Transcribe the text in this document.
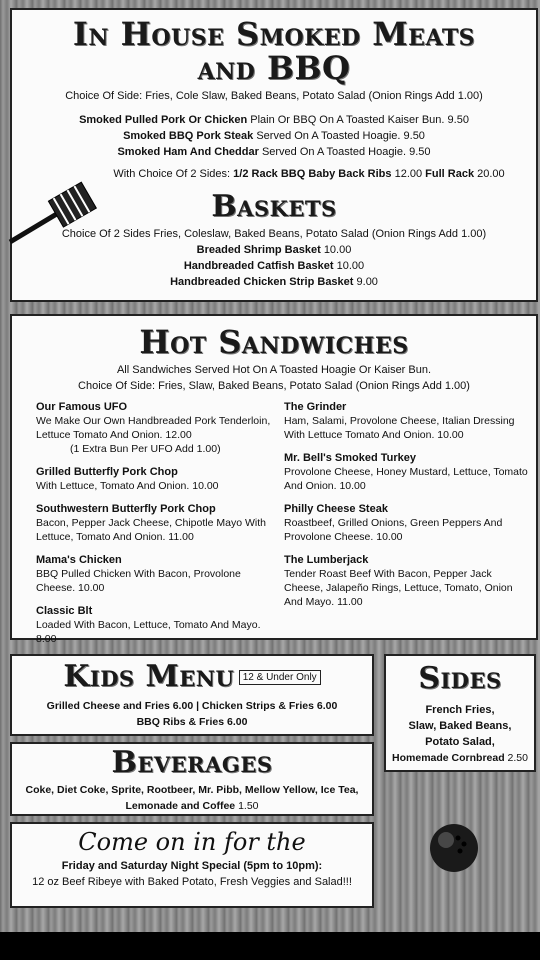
In House Smoked Meats
and BBQ
Choice Of Side: Fries, Cole Slaw, Baked Beans, Potato Salad (Onion Rings Add 1.00)
Smoked Pulled Pork Or Chicken Plain Or BBQ On A Toasted Kaiser Bun. 9.50
Smoked BBQ Pork Steak Served On A Toasted Hoagie. 9.50
Smoked Ham And Cheddar Served On A Toasted Hoagie. 9.50
With Choice Of 2 Sides: 1/2 Rack BBQ Baby Back Ribs 12.00 Full Rack 20.00
Baskets
Choice Of 2 Sides Fries, Coleslaw, Baked Beans, Potato Salad (Onion Rings Add 1.00)
Breaded Shrimp Basket 10.00
Handbreaded Catfish Basket 10.00
Handbreaded Chicken Strip Basket 9.00
Hot Sandwiches
All Sandwiches Served Hot On A Toasted Hoagie Or Kaiser Bun.
Choice Of Side: Fries, Slaw, Baked Beans, Potato Salad (Onion Rings Add 1.00)
Our Famous UFO
We Make Our Own Handbreaded Pork Tenderloin, Lettuce Tomato And Onion. 12.00
(1 Extra Bun Per UFO Add 1.00)
Grilled Butterfly Pork Chop
With Lettuce, Tomato And Onion. 10.00
Southwestern Butterfly Pork Chop
Bacon, Pepper Jack Cheese, Chipotle Mayo With Lettuce, Tomato And Onion. 11.00
Mama's Chicken
BBQ Pulled Chicken With Bacon, Provolone Cheese. 10.00
Classic Blt
Loaded With Bacon, Lettuce, Tomato And Mayo. 8.00
The Grinder
Ham, Salami, Provolone Cheese, Italian Dressing With Lettuce Tomato And Onion. 10.00
Mr. Bell's Smoked Turkey
Provolone Cheese, Honey Mustard, Lettuce, Tomato And Onion. 10.00
Philly Cheese Steak
Roastbeef, Grilled Onions, Green Peppers And Provolone Cheese. 10.00
The Lumberjack
Tender Roast Beef With Bacon, Pepper Jack Cheese, Jalapeño Rings, Lettuce, Tomato, Onion And Mayo. 11.00
Kids Menu 12 & Under Only
Grilled Cheese and Fries 6.00 | Chicken Strips & Fries 6.00
BBQ Ribs & Fries 6.00
Sides
French Fries,
Slaw, Baked Beans,
Potato Salad,
Homemade Cornbread 2.50
Beverages
Coke, Diet Coke, Sprite, Rootbeer, Mr. Pibb, Mellow Yellow, Ice Tea,
Lemonade and Coffee 1.50
Come on in for the
Friday and Saturday Night Special (5pm to 10pm):
12 oz Beef Ribeye with Baked Potato, Fresh Veggies and Salad!!!
